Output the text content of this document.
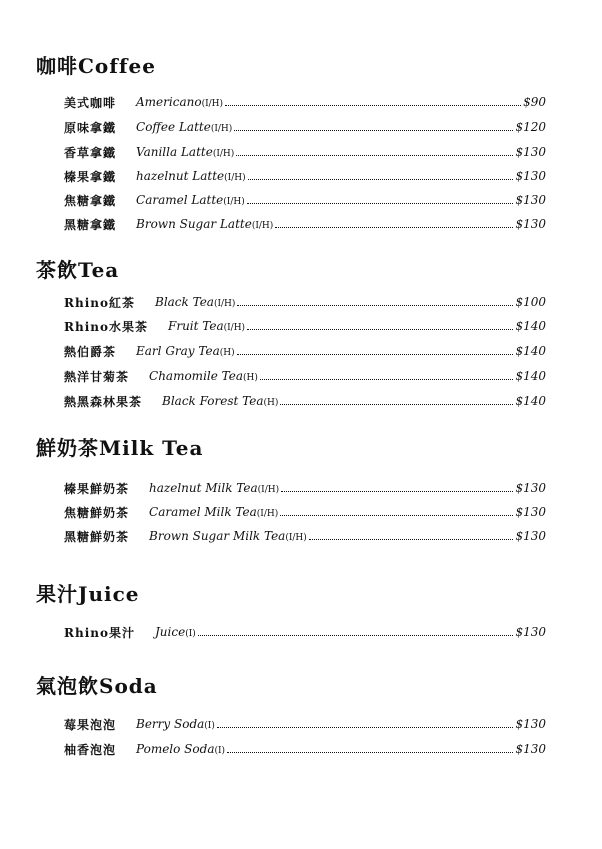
咖啡Coffee
美式咖啡 Americano(I/H)	$90
原味拿鐵 Coffee Latte(I/H)	$120
香草拿鐵 Vanilla Latte(I/H)	$130
榛果拿鐵 hazelnut Latte(I/H)	$130
焦糖拿鐵 Caramel Latte(I/H)	$130
黑糖拿鐵 Brown Sugar Latte(I/H)	$130
茶飲Tea
Rhino紅茶 Black Tea(I/H)	$100
Rhino水果茶 Fruit Tea(I/H)	$140
熱伯爵茶 Earl Gray Tea(H)	$140
熱洋甘菊茶 Chamomile Tea(H)	$140
熱黑森林果茶 Black Forest Tea(H)	$140
鮮奶茶Milk Tea
榛果鮮奶茶 hazelnut Milk Tea(I/H)	$130
焦糖鮮奶茶 Caramel Milk Tea(I/H)	$130
黑糖鮮奶茶 Brown Sugar Milk Tea(I/H)	$130
果汁Juice
Rhino果汁 Juice(I)	$130
氣泡飲Soda
莓果泡泡 Berry Soda(I)	$130
柚香泡泡 Pomelo Soda(I)	$130
